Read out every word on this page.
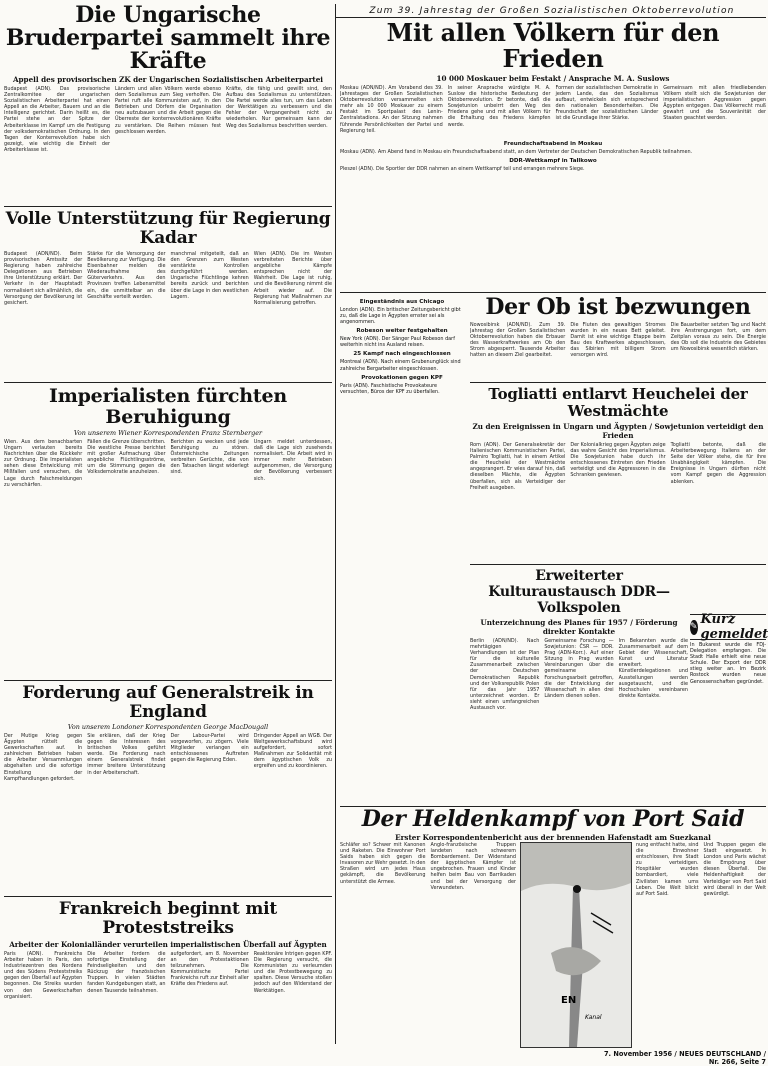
Zum 39. Jahrestag der Großen Sozialistischen Oktoberrevolution
Die Ungarische Bruderpartei sammelt ihre Kräfte
Appell des provisorischen ZK der Ungarischen Sozialistischen Arbeiterpartei

Budapest (ADN). Das provisorische Zentralkomitee der ungarischen Sozialistischen Arbeiterpartei hat einen Appell an die Arbeiter, Bauern und an die Intelligenz gerichtet. Darin heißt es, die Partei stehe an der Spitze der Arbeiterklasse im Kampf um die Festigung der volksdemokratischen Ordnung. In den Tagen der Konterrevolution habe sich gezeigt, wie wichtig die Einheit der Arbeiterklasse ist.

Ländern und allen Völkern werde ebenso dem Sozialismus zum Sieg verholfen. Die Partei ruft alle Kommunisten auf, in den Betrieben und Dörfern die Organisation neu aufzubauen und die Arbeit gegen die Überreste der konterrevolutionären Kräfte zu verstärken. Die Reihen müssen fest geschlossen werden.

Kräfte, die fähig und gewillt sind, den Aufbau des Sozialismus zu unterstützen. Die Partei werde alles tun, um das Leben der Werktätigen zu verbessern und die Fehler der Vergangenheit nicht zu wiederholen. Nur gemeinsam kann der Weg des Sozialismus beschritten werden.

Volle Unterstützung für Regierung Kadar

Budapest (ADN/ND). Beim provisorischen Amtssitz der Regierung haben zahlreiche Delegationen aus Betrieben ihre Unterstützung erklärt. Der Verkehr in der Hauptstadt normalisiert sich allmählich, die Versorgung der Bevölkerung ist gesichert.

Stärke für die Versorgung der Bevölkerung zur Verfügung. Die Eisenbahner melden die Wiederaufnahme des Güterverkehrs. Aus den Provinzen treffen Lebensmittel ein, die unmittelbar an die Geschäfte verteilt werden.

manchmal mitgeteilt, daß an den Grenzen zum Westen verstärkte Kontrollen durchgeführt werden. Ungarische Flüchtlinge kehren bereits zurück und berichten über die Lage in den westlichen Lagern.

Wien (ADN). Die im Westen verbreiteten Berichte über angebliche Kämpfe entsprechen nicht der Wahrheit. Die Lage ist ruhig, und die Bevölkerung nimmt die Arbeit wieder auf. Die Regierung hat Maßnahmen zur Normalisierung getroffen.

Imperialisten fürchten Beruhigung
Von unserem Wiener Korrespondenten Franz Sternberger

Wien. Aus dem benachbarten Ungarn verlauten bereits Nachrichten über die Rückkehr zur Ordnung. Die Imperialisten sehen diese Entwicklung mit Mißfallen und versuchen, die Lage durch Falschmeldungen zu verschärfen.

Fällen die Grenze überschritten. Die westliche Presse berichtet mit großer Aufmachung über angebliche Flüchtlingsströme, um die Stimmung gegen die Volksdemokratie anzuheizen.

Berichten zu wecken und jede Beruhigung zu stören. Österreichische Zeitungen verbreiten Gerüchte, die von den Tatsachen längst widerlegt sind.

Ungarn meldet unterdessen, daß die Lage sich zusehends normalisiert. Die Arbeit wird in immer mehr Betrieben aufgenommen, die Versorgung der Bevölkerung verbessert sich.

Forderung auf Generalstreik in England
Von unserem Londoner Korrespondenten George MacDougall

Der Mutige Krieg gegen Ägypten rüttelt die Gewerkschaften auf. In zahlreichen Betrieben haben die Arbeiter Versammlungen abgehalten und die sofortige Einstellung der Kampfhandlungen gefordert.

Sie erklären, daß der Krieg gegen die Interessen des britischen Volkes geführt werde. Die Forderung nach einem Generalstreik findet immer breitere Unterstützung in der Arbeiterschaft.

Der Labour-Partei wird vorgeworfen, zu zögern. Viele Mitglieder verlangen ein entschlossenes Auftreten gegen die Regierung Eden.

Dringender Appell an WGB. Der Weltgewerkschaftsbund wird aufgefordert, sofort Maßnahmen zur Solidarität mit dem ägyptischen Volk zu ergreifen und zu koordinieren.

Frankreich beginnt mit Proteststreiks
Arbeiter der Kolonialländer verurteilen imperialistischen Überfall auf Ägypten

Paris (ADN). Frankreichs Arbeiter haben in Paris, den Industriezentren des Nordens und des Südens Proteststreiks gegen den Überfall auf Ägypten begonnen. Die Streiks wurden von den Gewerkschaften organisiert.

Die Arbeiter fordern die sofortige Einstellung der Feindseligkeiten und den Rückzug der französischen Truppen. In vielen Städten fanden Kundgebungen statt, an denen Tausende teilnahmen.

aufgefordert, am 8. November an den Protestaktionen teilzunehmen. Die Kommunistische Partei Frankreichs ruft zur Einheit aller Kräfte des Friedens auf.

Reaktionäre Intrigen gegen KPF. Die Regierung versucht, die Kommunisten zu verleumden und die Protestbewegung zu spalten. Diese Versuche stoßen jedoch auf den Widerstand der Werktätigen.

Mit allen Völkern für den Frieden
10 000 Moskauer beim Festakt / Ansprache M. A. Suslows

Moskau (ADN/ND). Am Vorabend des 39. Jahrestages der Großen Sozialistischen Oktoberrevolution versammelten sich mehr als 10 000 Moskauer zu einem Festakt im Sportpalast des Lenin-Zentralstadions. An der Sitzung nahmen führende Persönlichkeiten der Partei und Regierung teil.

In seiner Ansprache würdigte M. A. Suslow die historische Bedeutung der Oktoberrevolution. Er betonte, daß die Sowjetunion unbeirrt den Weg des Friedens gehe und mit allen Völkern für die Erhaltung des Friedens kämpfen werde.

Formen der sozialistischen Demokratie in jedem Lande, das den Sozialismus aufbaut, entwickeln sich entsprechend den nationalen Besonderheiten. Die Freundschaft der sozialistischen Länder ist die Grundlage ihrer Stärke.

Gemeinsam mit allen friedliebenden Völkern stellt sich die Sowjetunion der imperialistischen Aggression gegen Ägypten entgegen. Das Völkerrecht muß gewahrt und die Souveränität der Staaten geachtet werden.

Freundschaftsabend in Moskau

Moskau (ADN). Am Abend fand in Moskau ein Freundschaftsabend statt, an dem Vertreter der Deutschen Demokratischen Republik teilnahmen.

DDR-Wettkampf in Tallkowo

Pleszel (ADN). Die Sportler der DDR nahmen an einem Wettkampf teil und errangen mehrere Siege.

Der Ob ist bezwungen

Nowosibirsk (ADN/ND). Zum 39. Jahrestag der Großen Sozialistischen Oktoberrevolution haben die Erbauer des Wasserkraftwerkes am Ob den Strom abgesperrt. Tausende Arbeiter hatten an diesem Ziel gearbeitet.

Die Fluten des gewaltigen Stromes wurden in ein neues Bett geleitet. Damit ist eine wichtige Etappe beim Bau des Kraftwerkes abgeschlossen, das Sibirien mit billigem Strom versorgen wird.

Die Bauarbeiter setzten Tag und Nacht ihre Anstrengungen fort, um dem Zeitplan voraus zu sein. Die Energie des Ob soll die Industrie des Gebietes um Nowosibirsk wesentlich stärken.

Eingeständnis aus Chicago

London (ADN). Ein britischer Zeitungsbericht gibt zu, daß die Lage in Ägypten ernster sei als angenommen.

Robeson weiter festgehalten

New York (ADN). Der Sänger Paul Robeson darf weiterhin nicht ins Ausland reisen.

25 Kampf nach eingeschlossen

Montreal (ADN). Nach einem Grubenunglück sind zahlreiche Bergarbeiter eingeschlossen.

Provokationen gegen KPF

Paris (ADN). Faschistische Provokateure versuchten, Büros der KPF zu überfallen.	Togliatti entlarvt Heuchelei der Westmächte
Zu den Ereignissen in Ungarn und Ägypten / Sowjetunion verteidigt den Frieden

Rom (ADN). Der Generalsekretär der Italienischen Kommunistischen Partei, Palmiro Togliatti, hat in einem Artikel die Heuchelei der Westmächte angeprangert. Er wies darauf hin, daß dieselben Mächte, die Ägypten überfallen, sich als Verteidiger der Freiheit ausgeben.

Der Kolonialkrieg gegen Ägypten zeige das wahre Gesicht des Imperialismus. Die Sowjetunion habe durch ihr entschlossenes Eintreten den Frieden verteidigt und die Aggressoren in die Schranken gewiesen.

Togliatti betonte, daß die Arbeiterbewegung Italiens an der Seite der Völker stehe, die für ihre Unabhängigkeit kämpfen. Die Ereignisse in Ungarn dürften nicht vom Kampf gegen die Aggression ablenken.

Erweiterter Kulturaustausch DDR—Volkspolen
Unterzeichnung des Planes für 1957 / Förderung direkter Kontakte

Berlin (ADN/ND). Nach mehrtägigen Verhandlungen ist der Plan für die kulturelle Zusammenarbeit zwischen der Deutschen Demokratischen Republik und der Volksrepublik Polen für das Jahr 1957 unterzeichnet worden. Er sieht einen umfangreichen Austausch vor.

Gemeinsame Forschung — Sowjetunion: ČSR — DDR. Prag (ADN-Korr.). Auf einer Sitzung in Prag wurden Vereinbarungen über die gemeinsame Forschungsarbeit getroffen, die der Entwicklung der Wissenschaft in allen drei Ländern dienen sollen.

Im Bekannten wurde die Zusammenarbeit auf dem Gebiet der Wissenschaft, Kunst und Literatur erweitert. Künstlerdelegationen und Ausstellungen werden ausgetauscht, und die Hochschulen vereinbaren direkte Kontakte.

✎ Kurz gemeldet

In Bukarest wurde die FDJ-Delegation empfangen. Die Stadt Halle erhielt eine neue Schule. Der Export der DDR stieg weiter an. Im Bezirk Rostock wurden neue Genossenschaften gegründet.

Der Heldenkampf von Port Said
Erster Korrespondentenbericht aus der brennenden Hafenstadt am Suezkanal

Schläfer so? Schwer mit Kanonen und Raketen. Die Einwohner Port Saids haben sich gegen die Invasoren zur Wehr gesetzt. In den Straßen wird um jedes Haus gekämpft, die Bevölkerung unterstützt die Armee.

Anglo-französische Truppen landeten nach schwerem Bombardement. Der Widerstand der ägyptischen Kämpfer ist ungebrochen. Frauen und Kinder helfen beim Bau von Barrikaden und bei der Versorgung der Verwundeten.

nung entfacht hatte, sind die Einwohner entschlossen, ihre Stadt zu verteidigen. Hospitäler wurden bombardiert, viele Zivilisten kamen ums Leben. Die Welt blickt auf Port Said.

Und Truppen gegen die Stadt eingesetzt. In London und Paris wächst die Empörung über diesen Überfall. Die Heldenhaftigkeit der Verteidiger von Port Said wird überall in der Welt gewürdigt.

EN
Kanal
7. November 1956 / NEUES DEUTSCHLAND / Nr. 266, Seite 7
